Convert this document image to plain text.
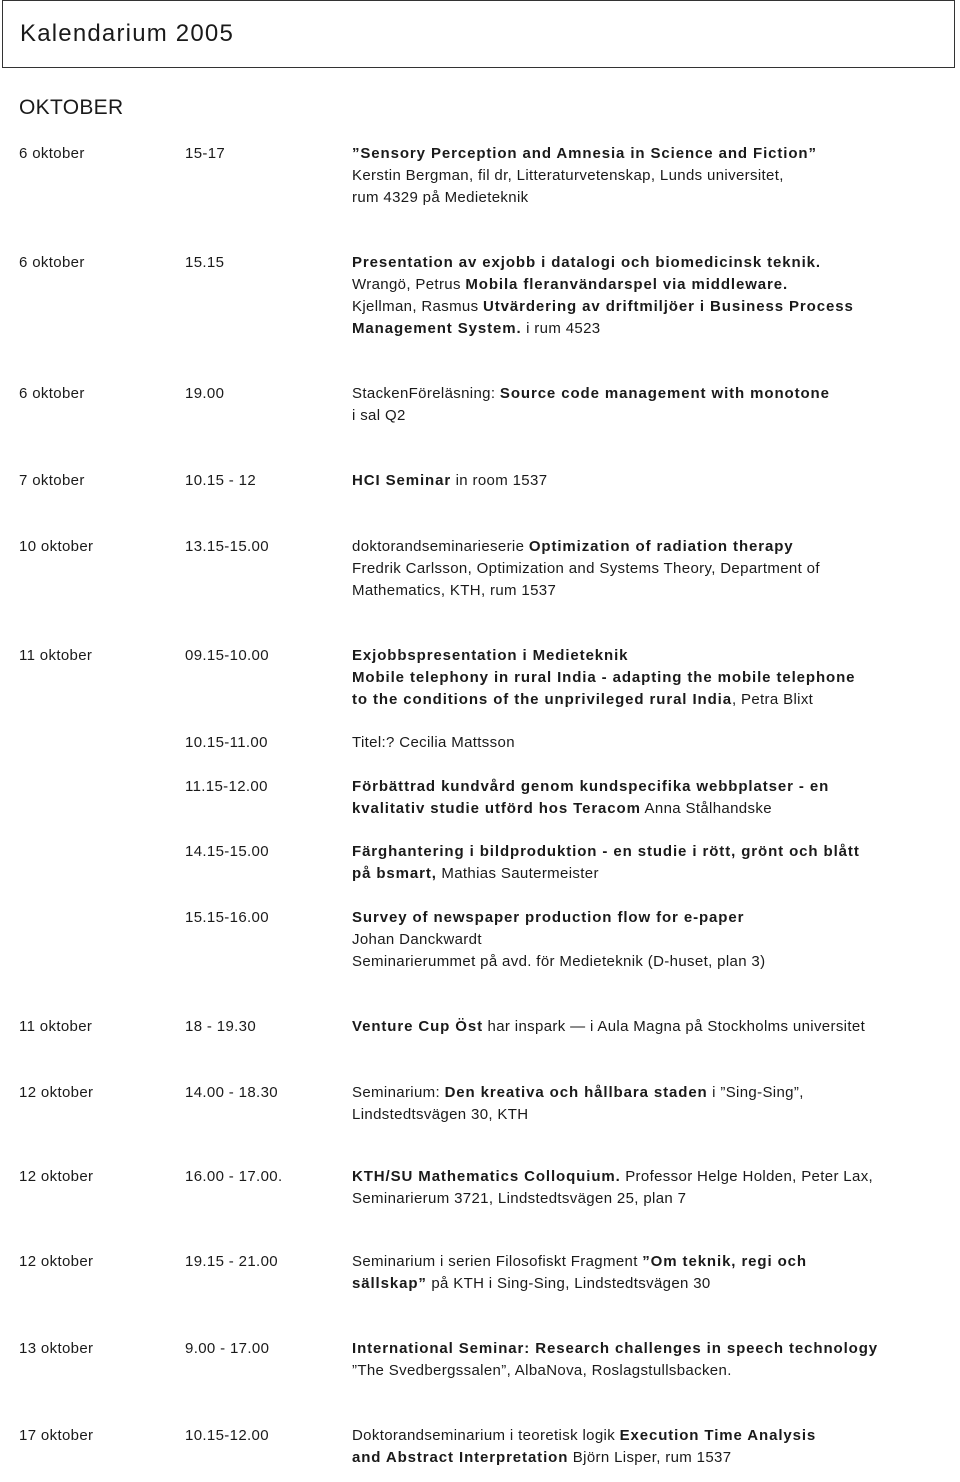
Kalendarium 2005
OKTOBER
6 oktober	15-17	”Sensory Perception and Amnesia in Science and Fiction”
Kerstin Bergman, fil dr, Litteraturvetenskap, Lunds universitet,
rum 4329 på Medieteknik
6 oktober	15.15	Presentation av exjobb i datalogi och biomedicinsk teknik.
Wrangö, Petrus Mobila fleranvändarspel via middleware.
Kjellman, Rasmus Utvärdering av driftmiljöer i Business Process
Management System. i rum 4523
6 oktober	19.00	StackenFöreläsning: Source code management with monotone
i sal Q2
7 oktober	10.15 - 12	HCI Seminar in room 1537
10 oktober	13.15-15.00	doktorandseminarieserie Optimization of radiation therapy
Fredrik Carlsson, Optimization and Systems Theory, Department of
Mathematics, KTH, rum 1537
11 oktober	09.15-10.00	Exjobbspresentation i Medieteknik
Mobile telephony in rural India - adapting the mobile telephone
to the conditions of the unprivileged rural India, Petra Blixt
10.15-11.00	Titel:? Cecilia Mattsson
11.15-12.00	Förbättrad kundvård genom kundspecifika webbplatser - en
kvalitativ studie utförd hos Teracom Anna Stålhandske
14.15-15.00	Färghantering i bildproduktion - en studie i rött, grönt och blått
på bsmart, Mathias Sautermeister
15.15-16.00	Survey of newspaper production flow for e-paper
Johan Danckwardt
Seminarierummet på avd. för Medieteknik (D-huset, plan 3)
11 oktober	18 - 19.30	Venture Cup Öst har inspark — i Aula Magna på Stockholms universitet
12 oktober	14.00 - 18.30	Seminarium: Den kreativa och hållbara staden i ”Sing-Sing”,
Lindstedtsvägen 30, KTH
12 oktober	16.00 - 17.00.	KTH/SU Mathematics Colloquium. Professor Helge Holden, Peter Lax,
Seminarierum 3721, Lindstedtsvägen 25, plan 7
12 oktober	19.15 - 21.00	Seminarium i serien Filosofiskt Fragment ”Om teknik, regi och
sällskap” på KTH i Sing-Sing, Lindstedtsvägen 30
13 oktober	9.00 - 17.00	International Seminar: Research challenges in speech technology
”The Svedbergssalen”, AlbaNova, Roslagstullsbacken.
17 oktober	10.15-12.00	Doktorandseminarium i teoretisk logik Execution Time Analysis
and Abstract Interpretation Björn Lisper, rum 1537
